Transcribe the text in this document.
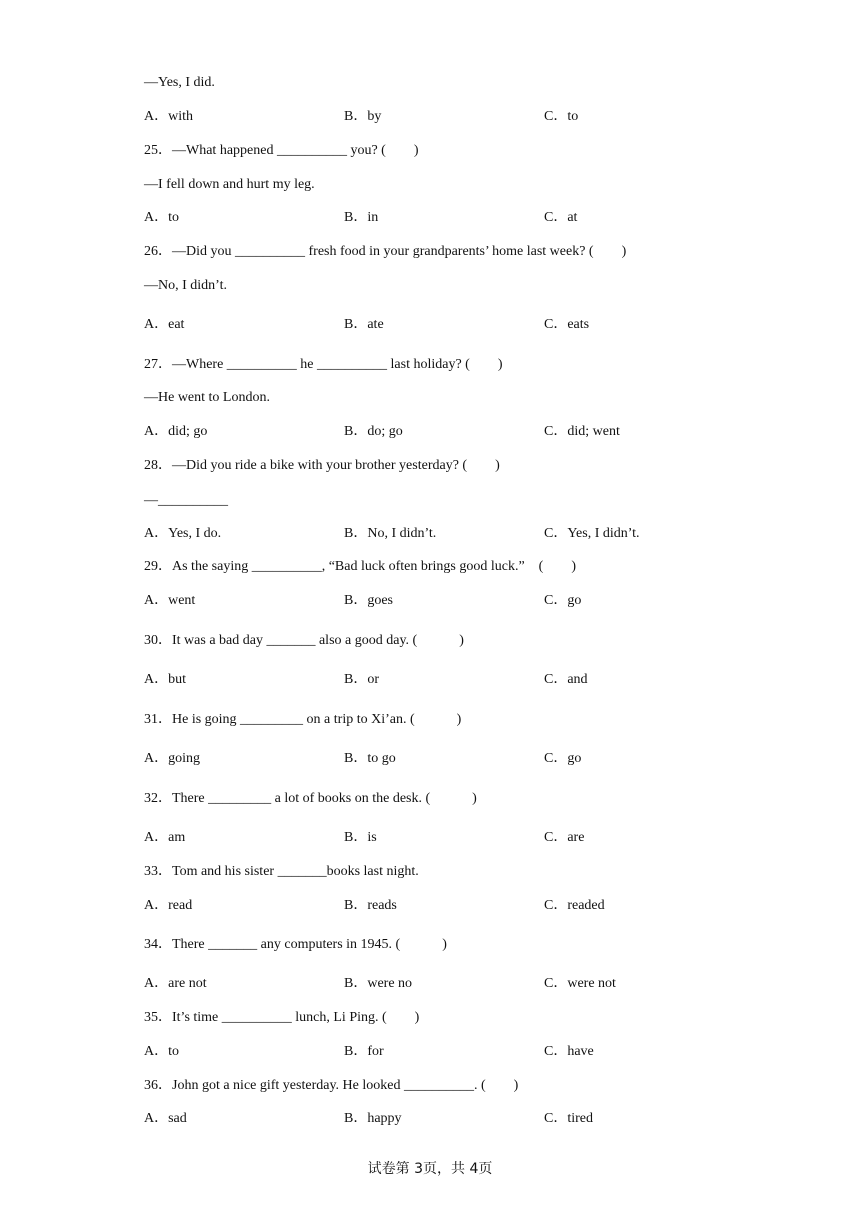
—Yes, I did.
A．with	B．by	C．to
25．—What happened __________ you? (　　)
—I fell down and hurt my leg.
A．to	B．in	C．at
26．—Did you __________ fresh food in your grandparents’ home last week? (　　)
—No, I didn’t.
A．eat	B．ate	C．eats
27．—Where __________ he __________ last holiday? (　　)
—He went to London.
A．did; go	B．do; go	C．did; went
28．—Did you ride a bike with your brother yesterday? (　　)
—__________
A．Yes, I do.	B．No, I didn’t.	C．Yes, I didn’t.
29．As the saying __________, “Bad luck often brings good luck.”　(　　)
A．went	B．goes	C．go
30．It was a bad day _______ also a good day. (　　　)
A．but	B．or	C．and
31．He is going _________ on a trip to Xi’an. (　　　)
A．going	B．to go	C．go
32．There _________ a lot of books on the desk. (　　　)
A．am	B．is	C．are
33．Tom and his sister _______books last night.
A．read	B．reads	C．readed
34．There _______ any computers in 1945. (　　　)
A．are not	B．were no	C．were not
35．It’s time __________ lunch, Li Ping. (　　)
A．to	B．for	C．have
36．John got a nice gift yesterday. He looked __________. (　　)
A．sad	B．happy	C．tired
试卷第 3页，共 4页
